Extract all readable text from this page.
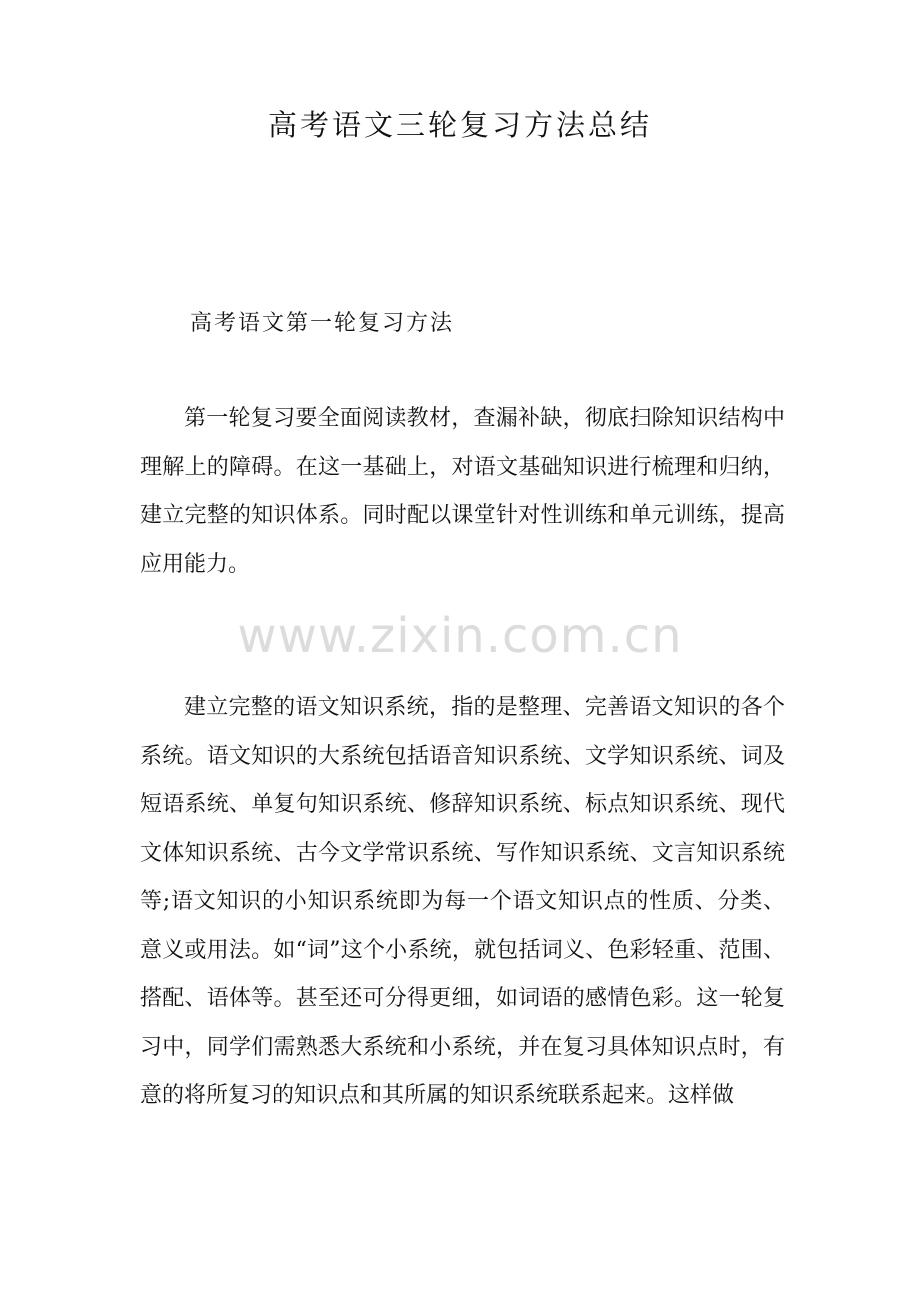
高考语文三轮复习方法总结
高考语文第一轮复习方法

第一轮复习要全面阅读教材，查漏补缺，彻底扫除知识结构中理解上的障碍。在这一基础上，对语文基础知识进行梳理和归纳，建立完整的知识体系。同时配以课堂针对性训练和单元训练，提高应用能力。

www.zixin.com.cn

建立完整的语文知识系统，指的是整理、完善语文知识的各个系统。语文知识的大系统包括语音知识系统、文学知识系统、词及短语系统、单复句知识系统、修辞知识系统、标点知识系统、现代文体知识系统、古今文学常识系统、写作知识系统、文言知识系统等;语文知识的小知识系统即为每一个语文知识点的性质、分类、意义或用法。如“词”这个小系统，就包括词义、色彩轻重、范围、搭配、语体等。甚至还可分得更细，如词语的感情色彩。这一轮复习中，同学们需熟悉大系统和小系统，并在复习具体知识点时，有意的将所复习的知识点和其所属的知识系统联系起来。这样做
